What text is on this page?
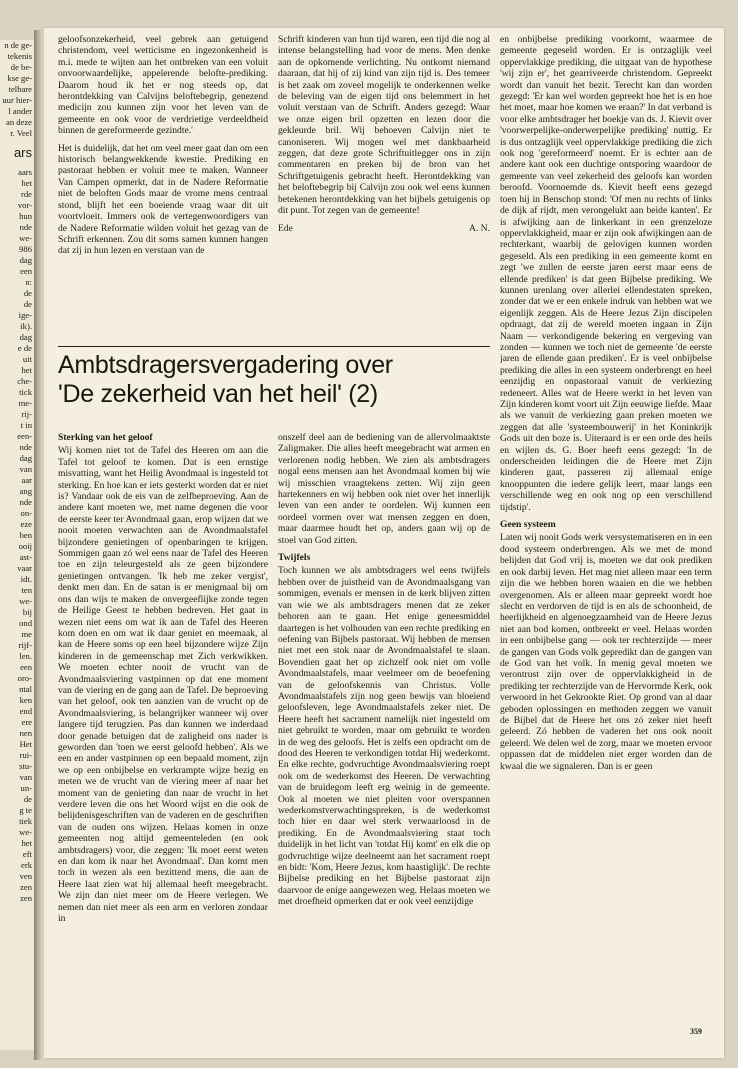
n de ge-
tekenis
de be-
kse ge-
telbare
uur hier-
l ander
an deze
r. Veel
ars
aars
het
rde
vor-
hun
nde
we-
986
dag
een
n:
de
de
ige-
ik).
dag
e de
uit
het
che-
tick
me-
rij-
t in
een-
nde
dag
van
aar
ang
nde
on-
eze
ben
ooij
ast-
vaar
idt.
ten
we-
bij
ond
me
rijf-
len.
een
oro-
ntal
ken
end
ere
nen
Het
rui-
stu-
van
un-
de
g te
tiek
we-
het
eft
erk
ven
zen
zen

geloofsonzekerheid, veel gebrek aan getuigend christendom, veel wetticisme en ingezonkenheid is m.i. mede te wijten aan het ontbreken van een voluit onvoorwaardelijke, appelerende belofte-prediking. Daarom houd ik het er nog steeds op, dat herontdekking van Calvijns beloftebegrip, genezend medicijn zou kunnen zijn voor het leven van de gemeente en ook voor de verdrietige verdeeldheid binnen de gereformeerde gezindte.'

Het is duidelijk, dat het om veel meer gaat dan om een historisch belangwekkende kwestie. Prediking en pastoraat hebben er voluit mee te maken. Wanneer Van Campen opmerkt, dat in de Nadere Reformatie niet de beloften Gods maar de vrome mens centraal stond, blijft het een boeiende vraag waar dit uit voortvloeit. Immers ook de vertegenwoordigers van de Nadere Reformatie wilden voluit het gezag van de Schrift erkennen. Zou dit soms samen kunnen hangen dat zij in hun lezen en verstaan van de

Schrift kinderen van hun tijd waren, een tijd die nog al intense belangstelling had voor de mens. Men denke aan de opkomende verlichting. Nu ontkomt niemand daaraan, dat hij of zij kind van zijn tijd is. Des temeer is het zaak om zoveel mogelijk te onderkennen welke de beleving van de eigen tijd ons belemmert in het voluit verstaan van de Schrift. Anders gezegd: Waar we onze eigen bril opzetten en lezen door die gekleurde bril. Wij behoeven Calvijn niet te canoniseren. Wij mogen wel met dankbaarheid zeggen, dat deze grote Schriftuitlegger ons in zijn commentaren en preken bij de bron van het Schriftgetuigenis gebracht heeft. Herontdekking van het beloftebegrip bij Calvijn zou ook wel eens kunnen betekenen herontdekking van het bijbels getuigenis op dit punt. Tot zegen van de gemeente!

Ede	A. N.
Ambtsdragersvergadering over
'De zekerheid van het heil' (2)
Sterking van het geloof

Wij komen niet tot de Tafel des Heeren om aan die Tafel tot geloof te komen. Dat is een ernstige misvatting, want het Heilig Avondmaal is ingesteld tot sterking. En hoe kan er iets gesterkt worden dat er niet is? Vandaar ook de eis van de zelfbeproeving. Aan de andere kant moeten we, met name degenen die voor de eerste keer ter Avondmaal gaan, erop wijzen dat we nooit moeten verwachten aan de Avondmaalstafel bijzondere genietingen of openbaringen te krijgen. Sommigen gaan zó wel eens naar de Tafel des Heeren toe en zijn teleurgesteld als ze geen bijzondere genietingen ontvangen. 'Ik heb me zeker vergist', denkt men dan. En de satan is er menigmaal bij om ons dan wijs te maken de onvergeeflijke zonde tegen de Heilige Geest te hebben bedreven. Het gaat in wezen niet eens om wat ik aan de Tafel des Heeren kom doen en om wat ik daar geniet en meemaak, al kan de Heere soms op een heel bijzondere wijze Zijn kinderen in de gemeenschap met Zich verkwikken. We moeten echter nooit de vrucht van de Avondmaalsviering vastpinnen op dat ene moment van de viering en de gang aan de Tafel. De beproeving van het geloof, ook ten aanzien van de vrucht op de Avondmaalsviering, is belangrijker wanneer wij over langere tijd terugzien. Pas dan kunnen we inderdaad door genade betuigen dat de zaligheid ons nader is geworden dan 'toen we eerst geloofd hebben'. Als we een en ander vastpinnen op een bepaald moment, zijn we op een onbijbelse en verkrampte wijze bezig en meten we de vrucht van de viering meer af naar het moment van de genieting dan naar de vrucht in het verdere leven die ons het Woord wijst en die ook de belijdenisgeschriften van de vaderen en de geschriften van de ouden ons wijzen. Helaas komen in onze gemeenten nog altijd gemeenteleden (en ook ambtsdragers) voor, die zeggen: 'Ik moet eerst weten en dan kom ik naar het Avondmaal'. Dan komt men toch in wezen als een bezittend mens, die aan de Heere laat zien wat hij allemaal heeft meegebracht. We zijn dan niet meer om de Heere verlegen. We nemen dan niet meer als een arm en verloren zondaar in

onszelf deel aan de bediening van de allervolmaaktste Zaligmaker. Die alles heeft meegebracht wat armen en verlorenen nodig hebben. We zien als ambtsdragers nogal eens mensen aan het Avondmaal komen bij wie wij misschien vraagtekens zetten. Wij zijn geen hartekenners en wij hebben ook niet over het innerlijk leven van een ander te oordelen. Wij kunnen een oordeel vormen over wat mensen zeggen en doen, maar daarmee houdt het op, anders gaan wij op de stoel van God zitten.

Twijfels

Toch kunnen we als ambtsdragers wel eens twijfels hebben over de juistheid van de Avondmaalsgang van sommigen, evenals er mensen in de kerk blijven zitten van wie we als ambtsdragers menen dat ze zeker behoren aan te gaan. Het enige geneesmiddel daartegen is het volhouden van een rechte prediking en oefening van Bijbels pastoraat. Wij hebben de mensen niet met een stok naar de Avondmaalstafel te slaan. Bovendien gaat het op zichzelf ook niet om volle Avondmaalstafels, maar veelmeer om de beoefening van de geloofskennis van Christus. Volle Avondmaalstafels zijn nog geen bewijs van bloeiend geloofsleven, lege Avondmaalstafels zeker niet. De Heere heeft het sacrament namelijk niet ingesteld om niet gebruikt te worden, maar om gebruikt te worden in de weg des geloofs. Het is zelfs een opdracht om de dood des Heeren te verkondigen totdat Hij wederkomt. En elke rechte, godvruchtige Avondmaalsviering roept ook om de wederkomst des Heeren. De verwachting van de bruidegom leeft erg weinig in de gemeente. Ook al moeten we niet pleiten voor overspannen wederkomstverwachtingspreken, is de wederkomst toch hier en daar wel sterk verwaarloosd in de prediking. En de Avondmaalsviering staat toch duidelijk in het licht van 'totdat Hij komt' en elk die op godvruchtige wijze deelneemt aan het sacrament roept en bidt: 'Kom, Heere Jezus, kom haastiglijk'. De rechte Bijbelse prediking en het Bijbelse pastoraat zijn daarvoor de enige aangewezen weg. Helaas moeten we met droefheid opmerken dat er ook veel eenzijdige

en onbijbelse prediking voorkomt, waarmee de gemeente gegeseld worden. Er is ontzaglijk veel oppervlakkige prediking, die uitgaat van de hypothese 'wij zijn er', het gearriveerde christendom. Gepreekt wordt dan vanuit het bezit. Terecht kan dan worden gezegd: 'Er kan wel worden gepreekt hoe het is en hoe het moet, maar hoe komen we eraan?' In dat verband is voor elke ambtsdrager het boekje van ds. J. Kievit over 'voorwerpelijke-onderwerpelijke prediking' nuttig. Er is dus ontzaglijk veel oppervlakkige prediking die zich ook nog 'gereformeerd' noemt. Er is echter aan de andere kant ook een duchtige ontsporing waardoor de gemeente van veel zekerheid des geloofs kan worden beroofd. Voornoemde ds. Kievit heeft eens gezegd toen hij in Benschop stond: 'Of men nu rechts of links de dijk af rijdt, men verongelukt aan beide kanten'. Er is afwijking aan de linkerkant in een grenzeloze oppervlakkigheid, maar er zijn ook afwijkingen aan de rechterkant, waarbij de gelovigen kunnen worden gegeseld. Als een prediking in een gemeente komt en zegt 'we zullen de eerste jaren eerst maar eens de ellende prediken' is dat geen Bijbelse prediking. We kunnen urenlang over allerlei ellendestaten spreken, zonder dat we er een enkele indruk van hebben wat we eigenlijk zeggen. Als de Heere Jezus Zijn discipelen opdraagt, dat zij de wereld moeten ingaan in Zijn Naam — verkondigende bekering en vergeving van zonden — kunnen we toch niet de gemeente 'de eerste jaren de ellende gaan prediken'. Er is veel onbijbelse prediking die alles in een systeem onderbrengt en heel eenzijdig en onpastoraal vanuit de verkiezing redeneert. Alles wat de Heere werkt in het leven van Zijn kinderen komt voort uit Zijn eeuwige liefde. Maar als we vanuit de verkiezing gaan preken moeten we zeggen dat alle 'systeembouwerij' in het Koninkrijk Gods uit den boze is. Uiteraard is er een orde des heils en wijlen ds. G. Boer heeft eens gezegd: 'In de onderscheiden leidingen die de Heere met Zijn kinderen gaat, passeren zij allemaal enige knooppunten die iedere gelijk leert, maar langs een verschillende weg en ook nog op een verschillend tijdstip'.

Geen systeem

Laten wij nooit Gods werk versystematiseren en in een dood systeem onderbrengen. Als we met de mond belijden dat God vrij is, moeten we dat ook prediken en ook darbij leven. Het mag niet alleen maar een term zijn die we hebben horen waaien en die we hebben overgenomen. Als er alleen maar gepreekt wordt hoe slecht en verdorven de tijd is en als de schoonheid, de heerlijkheid en algenoegzaamheid van de Heere Jezus niet aan bod komen, ontbreekt er veel. Helaas worden in een onbijbelse gang — ook ter rechterzijde — meer de gangen van Gods volk gepredikt dan de gangen van de God van het volk. In menig geval moeten we verontrust zijn over de oppervlakkigheid in de prediking ter rechterzijde van de Hervormde Kerk, ook verwoord in het Gekrookte Riet. Op grond van al daar geboden oplossingen en methoden zeggen we vanuit de Bijbel dat de Heere het ons zó zeker niet heeft geleerd. Zó hebben de vaderen het ons ook nooit geleerd. We delen wel de zorg, maar we moeten ervoor oppassen dat de middelen niet erger worden dan de kwaal die we signaleren. Dan is er geen

359
